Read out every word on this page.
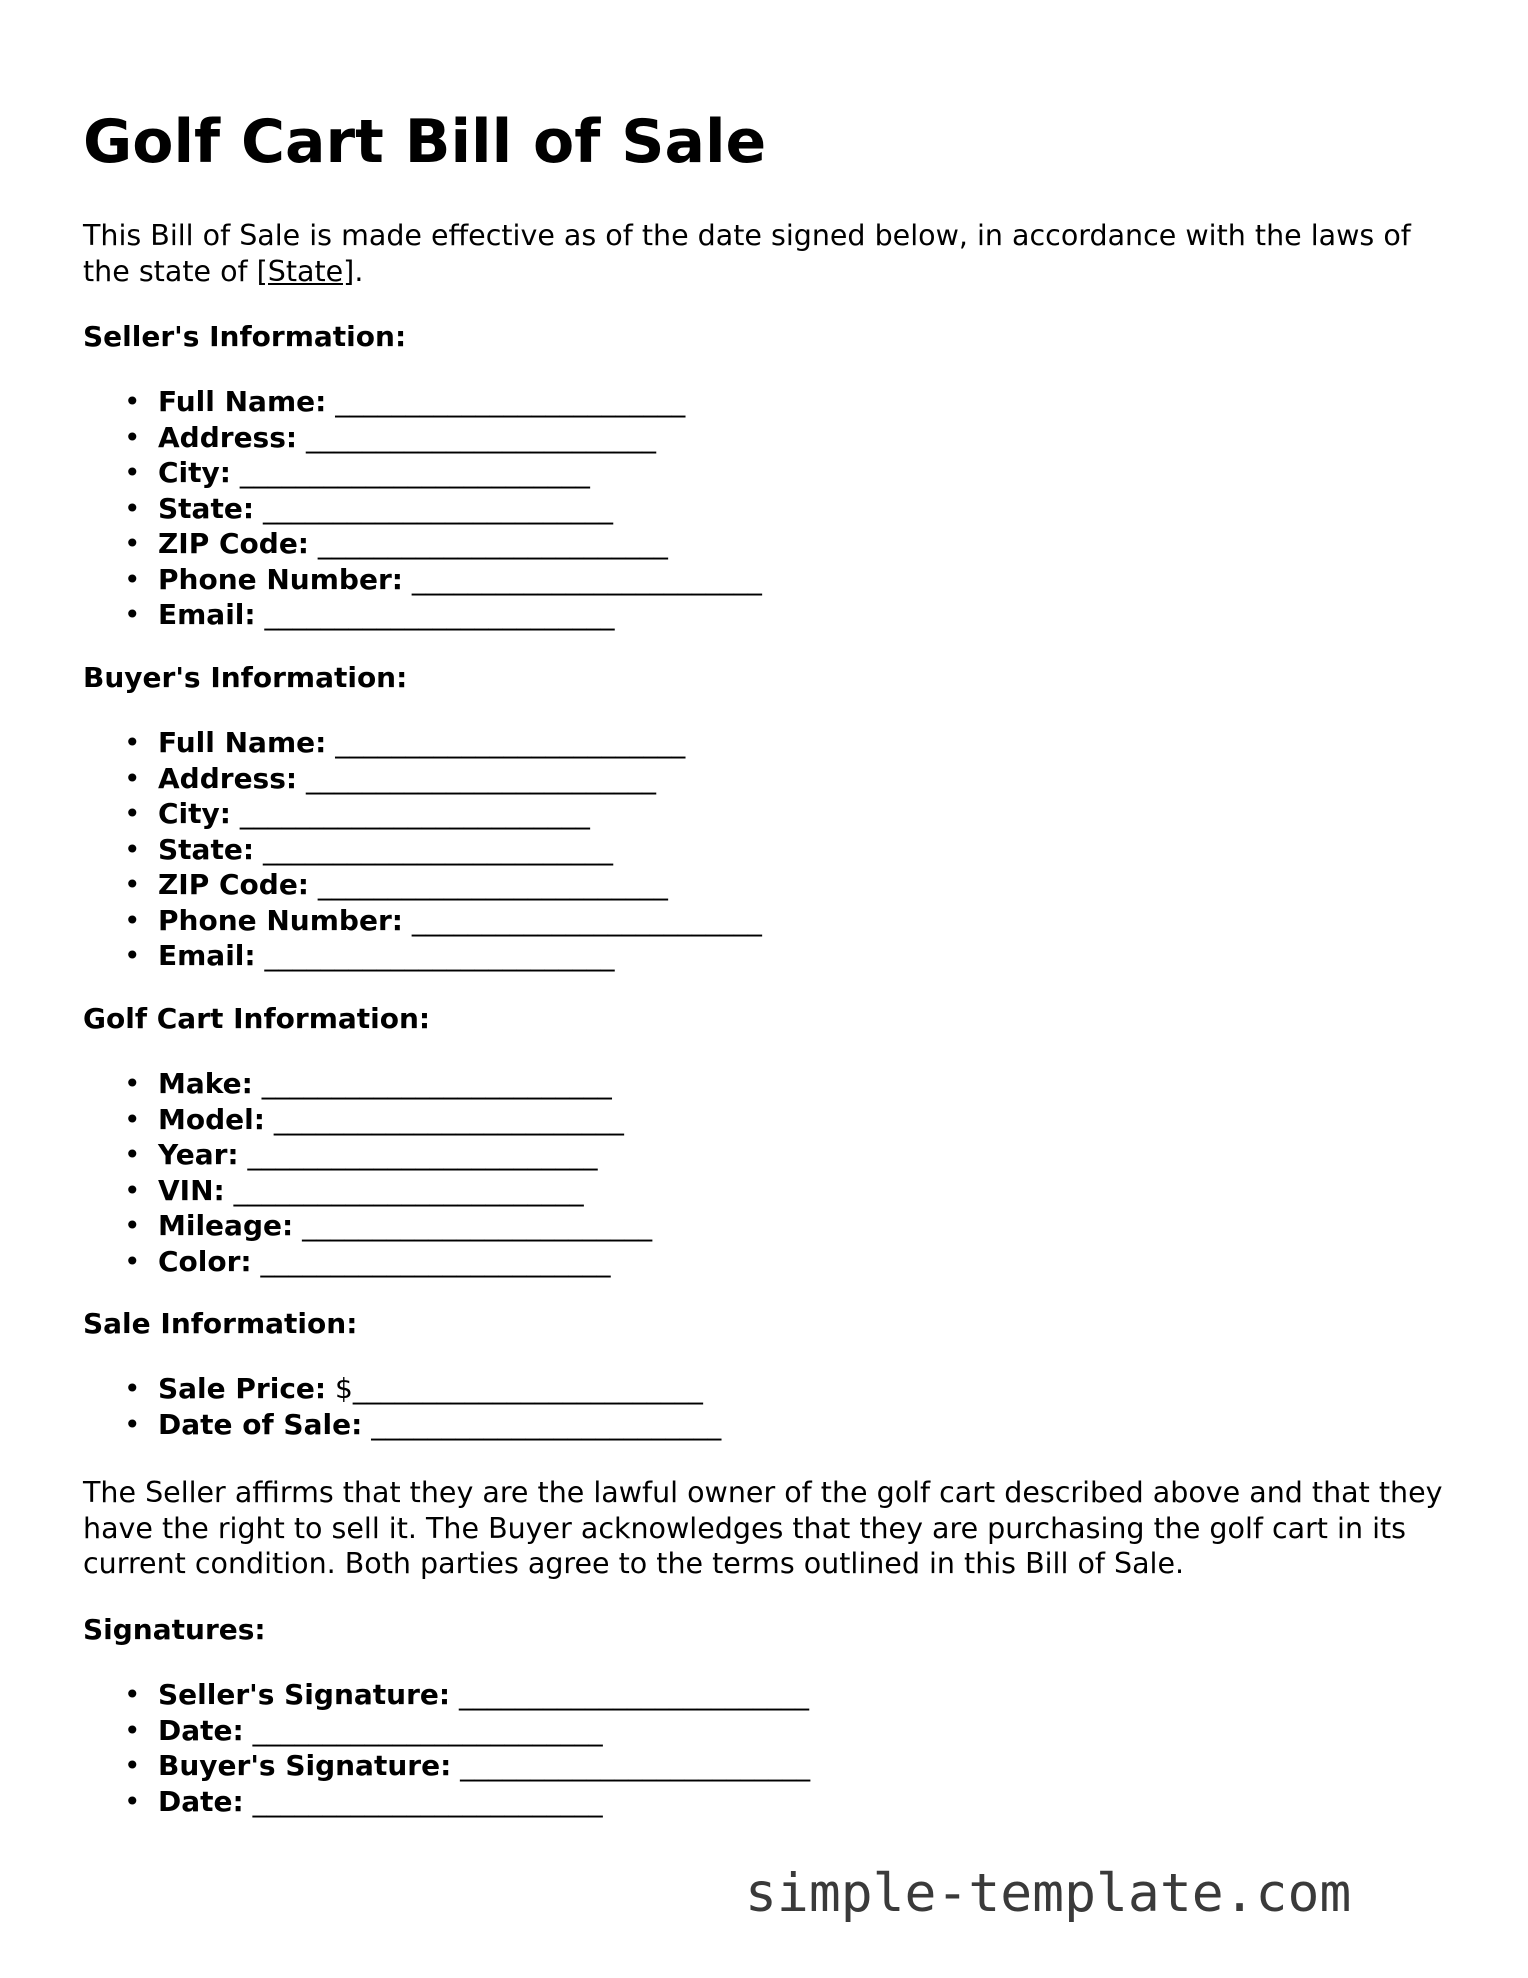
Golf Cart Bill of Sale

This Bill of Sale is made effective as of the date signed below, in accordance with the laws of the state of [State].

Seller's Information:
• Full Name: _________________________
• Address: _________________________
• City: _________________________
• State: _________________________
• ZIP Code: _________________________
• Phone Number: _________________________
• Email: _________________________
Buyer's Information:
• Full Name: _________________________
• Address: _________________________
• City: _________________________
• State: _________________________
• ZIP Code: _________________________
• Phone Number: _________________________
• Email: _________________________
Golf Cart Information:
• Make: _________________________
• Model: _________________________
• Year: _________________________
• VIN: _________________________
• Mileage: _________________________
• Color: _________________________
Sale Information:
• Sale Price: $_________________________
• Date of Sale: _________________________

The Seller affirms that they are the lawful owner of the golf cart described above and that they have the right to sell it. The Buyer acknowledges that they are purchasing the golf cart in its current condition. Both parties agree to the terms outlined in this Bill of Sale.

Signatures:
• Seller's Signature: _________________________
• Date: _________________________
• Buyer's Signature: _________________________
• Date: _________________________
simple-template.com
